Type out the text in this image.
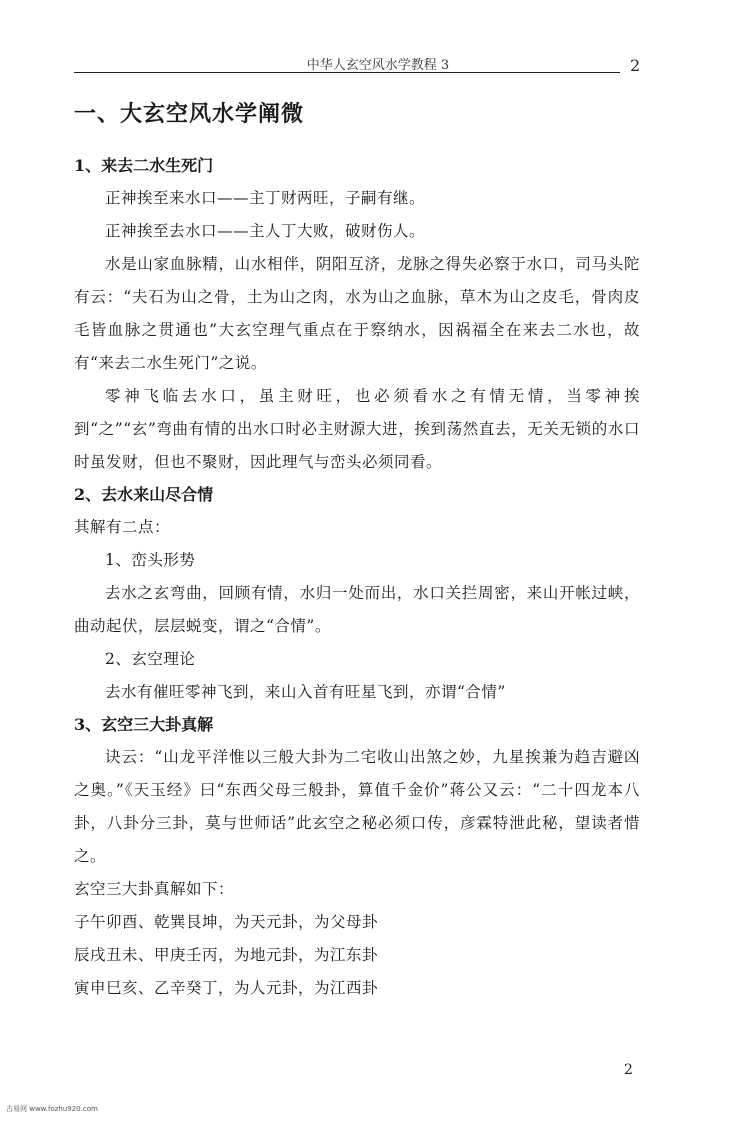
中华人玄空风水学教程 3	2
一、大玄空风水学阐微
1、来去二水生死门

正神挨至来水口——主丁财两旺，子嗣有继。

正神挨至去水口——主人丁大败，破财伤人。

水是山家血脉精，山水相伴，阴阳互济，龙脉之得失必察于水口，司马头陀有云：“夫石为山之骨，土为山之肉，水为山之血脉，草木为山之皮毛，骨肉皮毛皆血脉之贯通也”大玄空理气重点在于察纳水，因祸福全在来去二水也，故有“来去二水生死门”之说。

零神飞临去水口，虽主财旺，也必须看水之有情无情，当零神挨到“之”“玄”弯曲有情的出水口时必主财源大进，挨到荡然直去，无关无锁的水口时虽发财，但也不聚财，因此理气与峦头必须同看。

2、去水来山尽合情

其解有二点：

1、峦头形势

去水之玄弯曲，回顾有情，水归一处而出，水口关拦周密，来山开帐过峡，曲动起伏，层层蜕变，谓之“合情”。

2、玄空理论

去水有催旺零神飞到，来山入首有旺星飞到，亦谓“合情”

3、玄空三大卦真解

诀云：“山龙平洋惟以三般大卦为二宅收山出煞之妙，九星挨兼为趋吉避凶之奥。”《天玉经》曰“东西父母三般卦，算值千金价”蒋公又云：“二十四龙本八卦，八卦分三卦，莫与世师话”此玄空之秘必须口传，彦霖特泄此秘，望读者惜之。

玄空三大卦真解如下：

子午卯酉、乾巽艮坤，为天元卦，为父母卦

辰戌丑未、甲庚壬丙，为地元卦，为江东卦

寅申巳亥、乙辛癸丁，为人元卦，为江西卦

2
古易网 www.fozhu920.com
